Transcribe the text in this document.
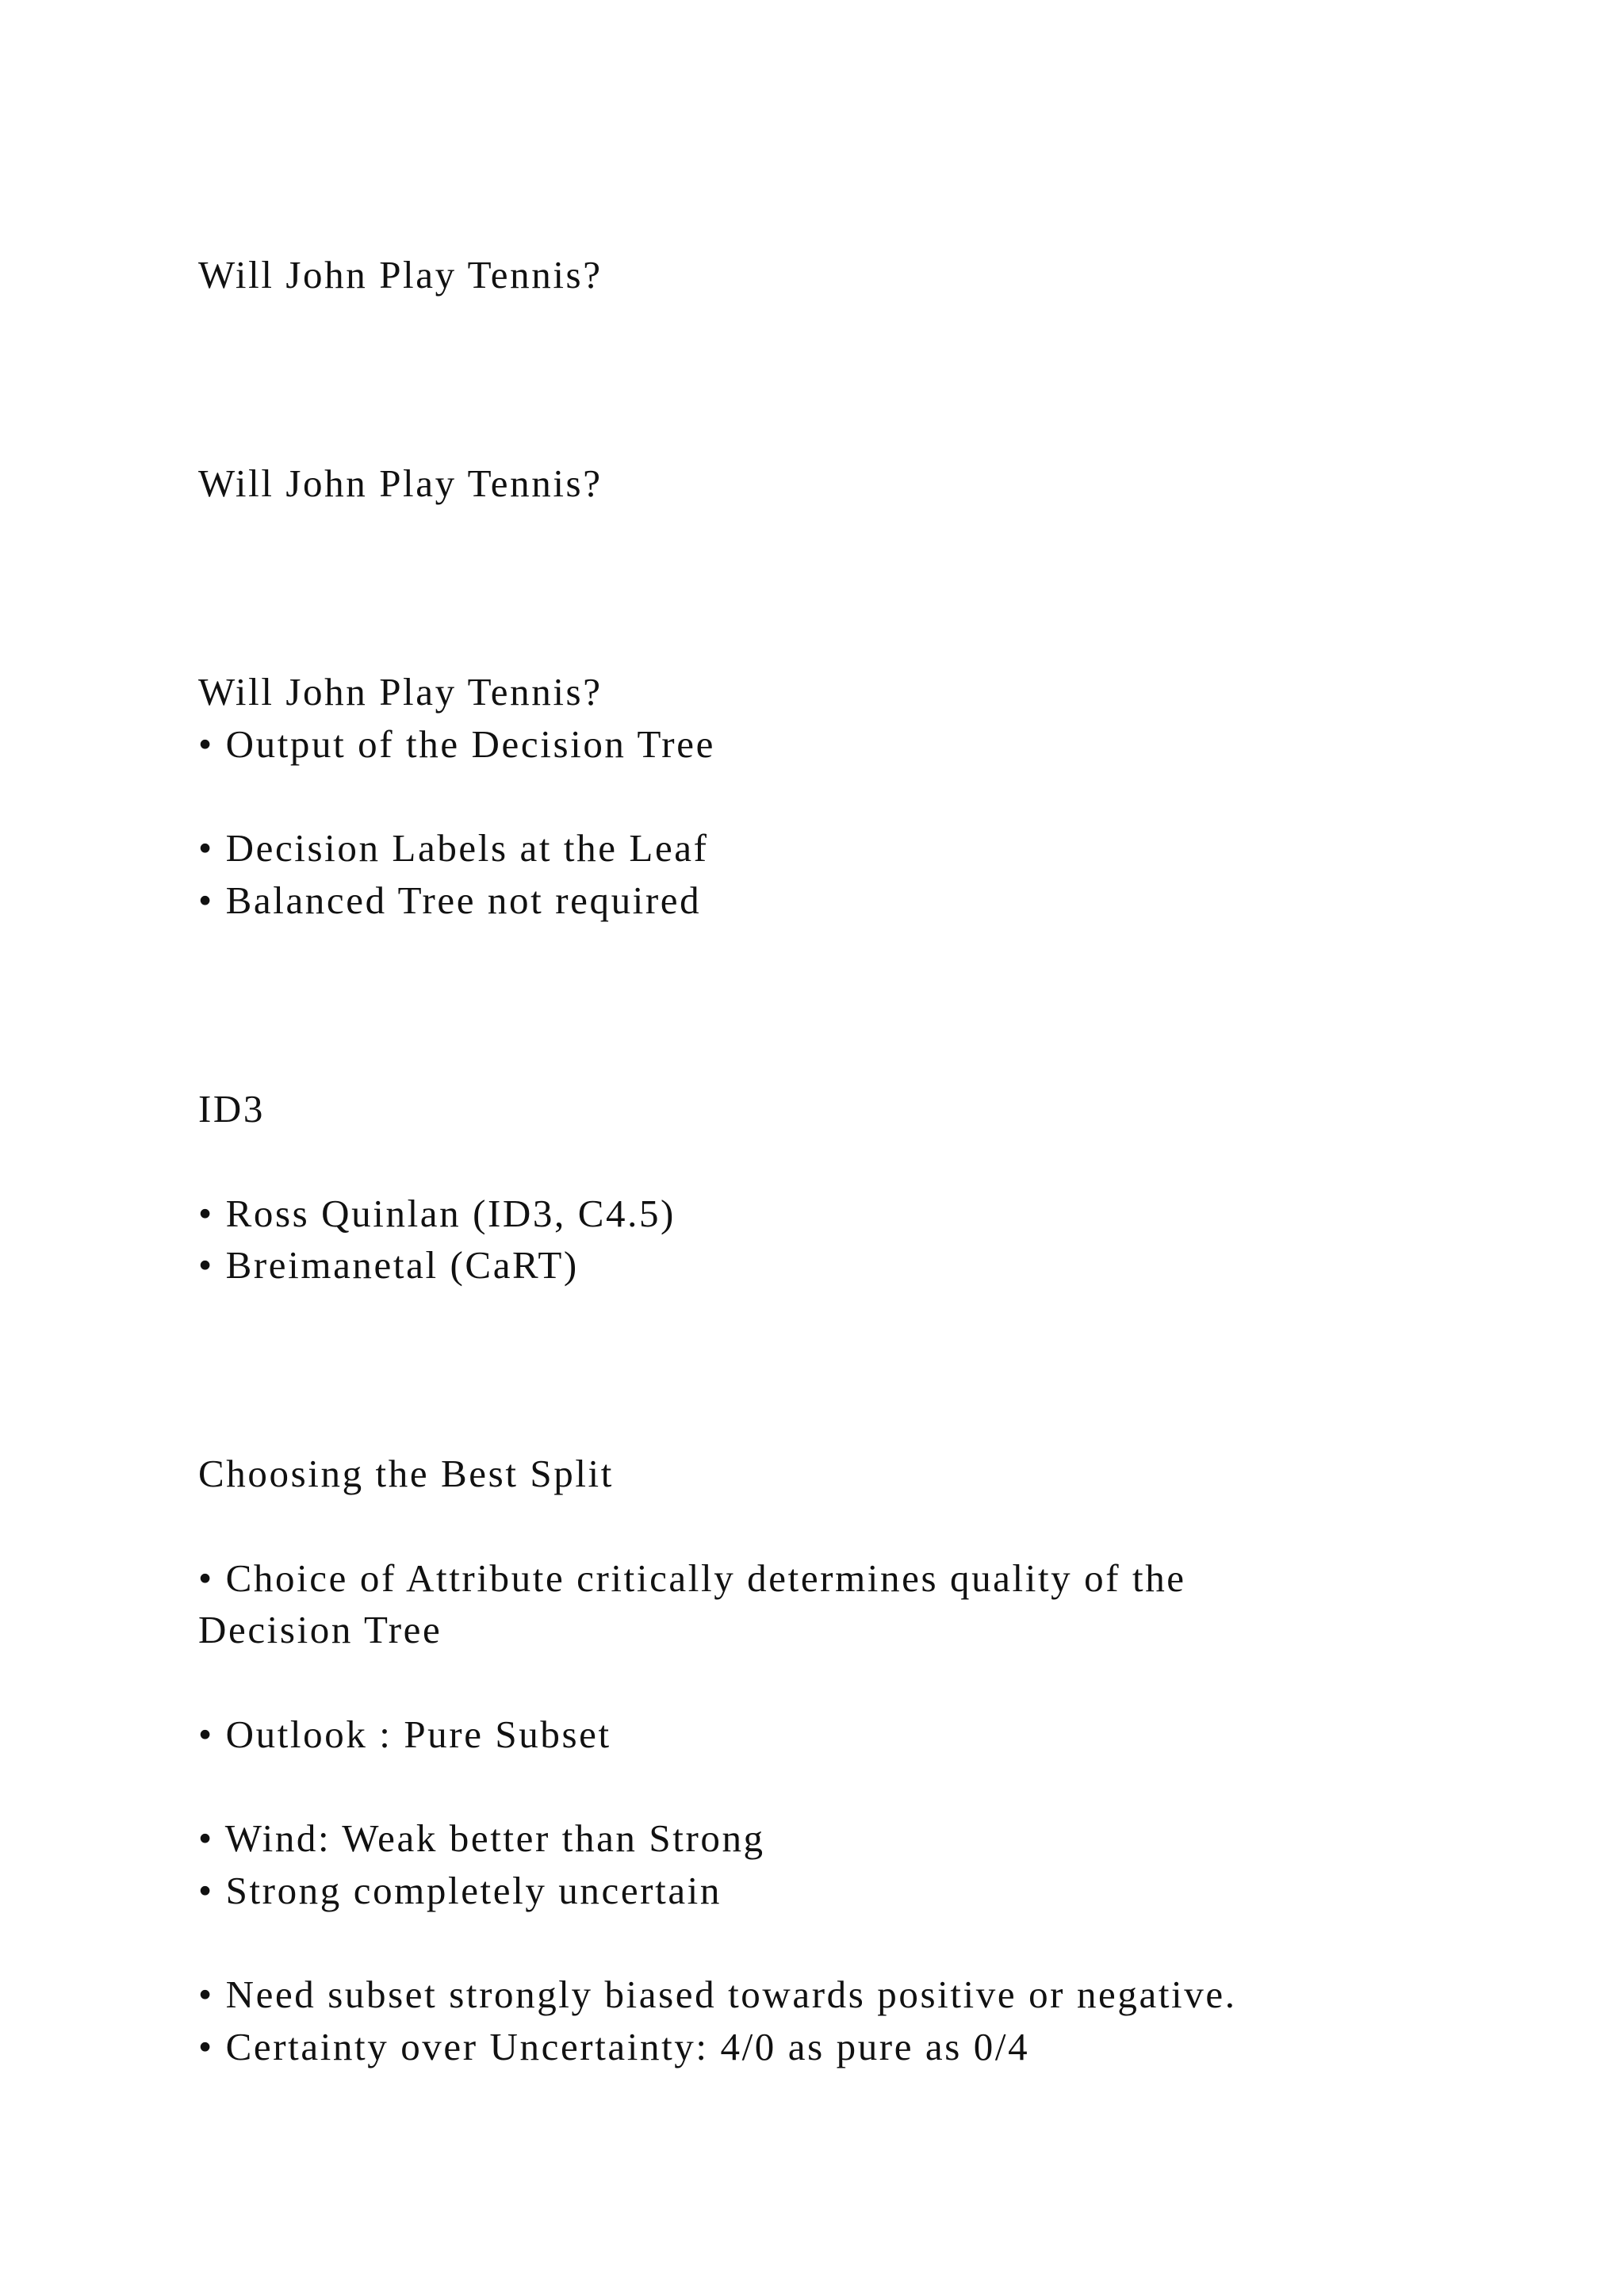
Will John Play Tennis?

Will John Play Tennis?

Will John Play Tennis?

• Output of the Decision Tree

• Decision Labels at the Leaf

• Balanced Tree not required

ID3

• Ross Quinlan (ID3, C4.5)

• Breimanetal (CaRT)

Choosing the Best Split

• Choice of Attribute critically determines quality of the

Decision Tree

• Outlook : Pure Subset

• Wind: Weak better than Strong

• Strong completely uncertain

• Need subset strongly biased towards positive or negative.

• Certainty over Uncertainty: 4/0 as pure as 0/4
